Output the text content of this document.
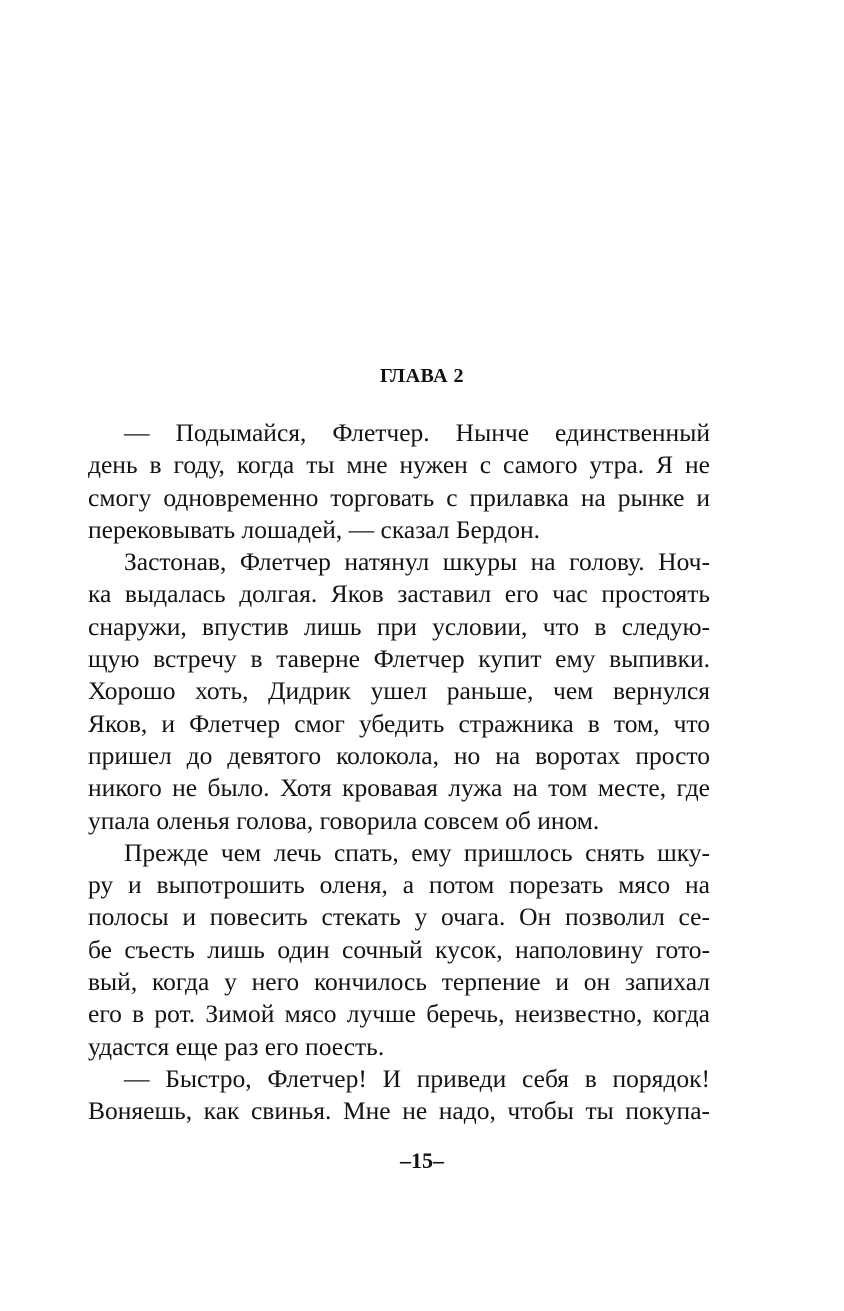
ГЛАВА 2
— Подымайся, Флетчер. Нынче единственный
день в году, когда ты мне нужен с самого утра. Я не
смогу одновременно торговать с прилавка на рынке и
перековывать лошадей, — сказал Бердон.
Застонав, Флетчер натянул шкуры на голову. Ноч-
ка выдалась долгая. Яков заставил его час простоять
снаружи, впустив лишь при условии, что в следую-
щую встречу в таверне Флетчер купит ему выпивки.
Хорошо хоть, Дидрик ушел раньше, чем вернулся
Яков, и Флетчер смог убедить стражника в том, что
пришел до девятого колокола, но на воротах просто
никого не было. Хотя кровавая лужа на том месте, где
упала оленья голова, говорила совсем об ином.
Прежде чем лечь спать, ему пришлось снять шку-
ру и выпотрошить оленя, а потом порезать мясо на
полосы и повесить стекать у очага. Он позволил се-
бе съесть лишь один сочный кусок, наполовину гото-
вый, когда у него кончилось терпение и он запихал
его в рот. Зимой мясо лучше беречь, неизвестно, когда
удастся еще раз его поесть.
— Быстро, Флетчер! И приведи себя в порядок!
Воняешь, как свинья. Мне не надо, чтобы ты покупа-
–15–
